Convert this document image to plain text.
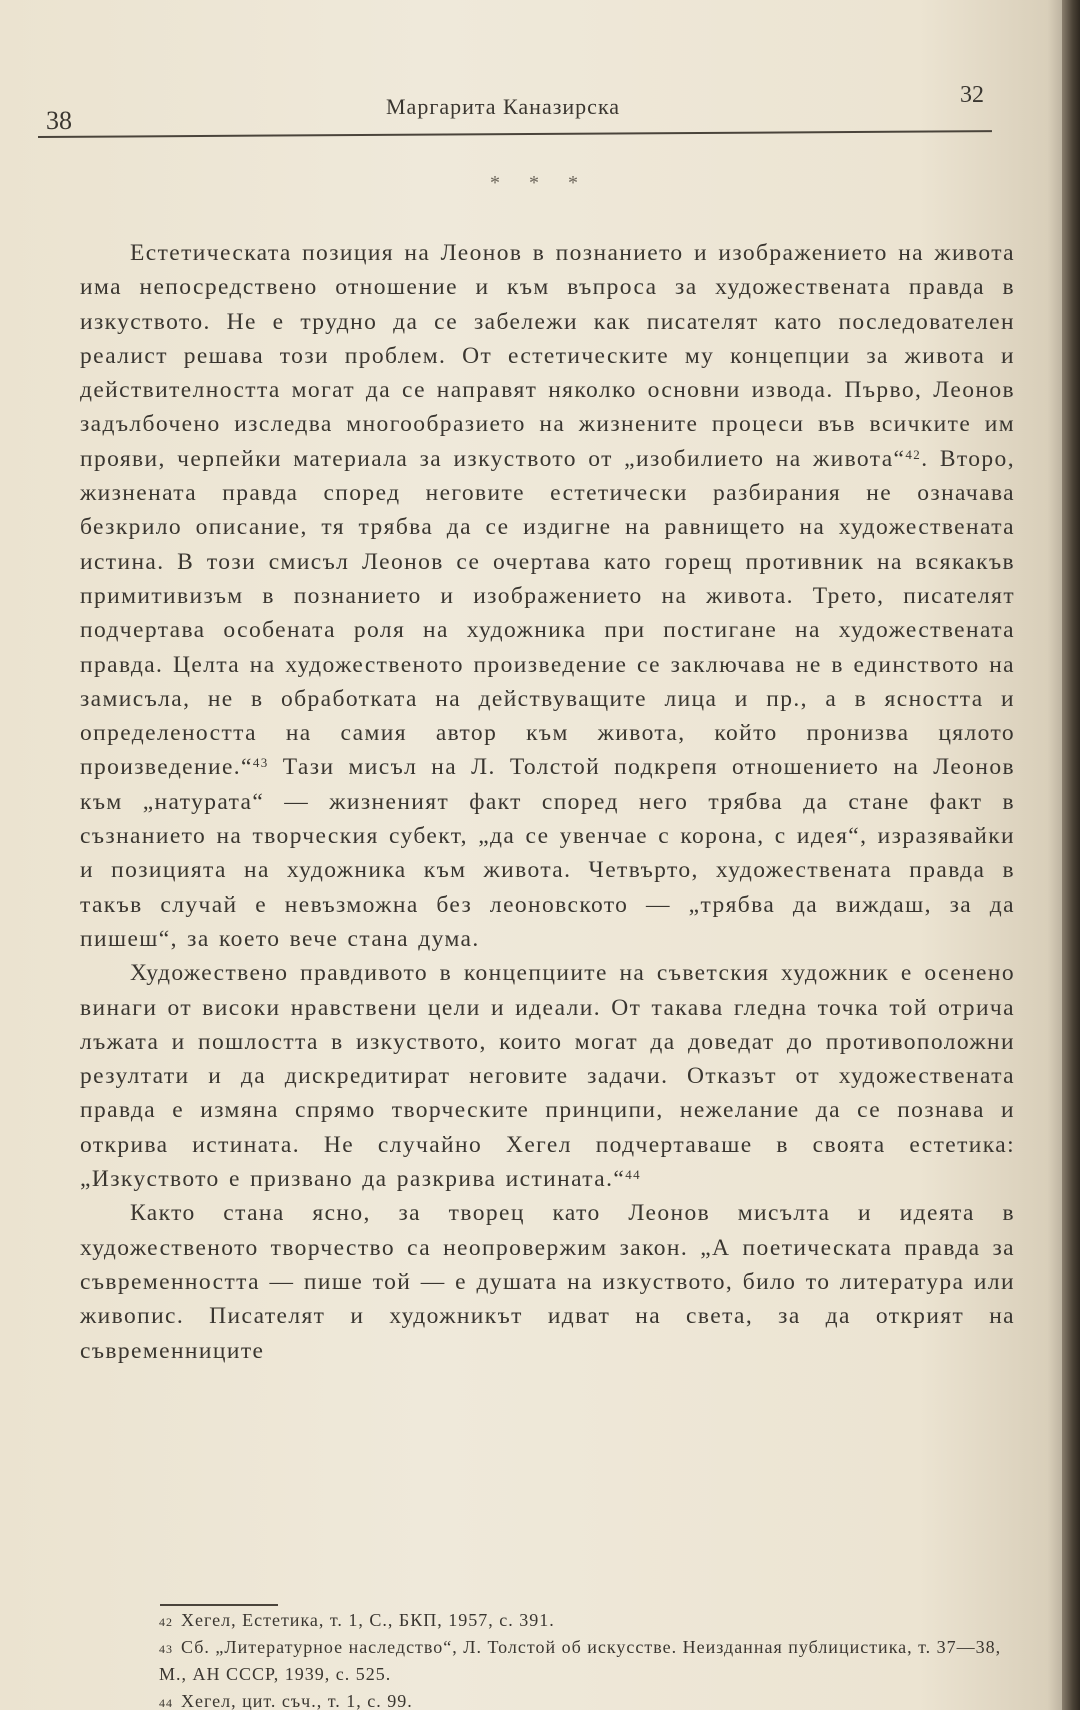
38	Маргарита Каназирска	32
* * *

Естетическата позиция на Леонов в познанието и изображението на живота има непосредствено отношение и към въпроса за художествената правда в изкуството. Не е трудно да се забележи как писателят като последователен реалист решава този проблем. От естетическите му концепции за живота и действителността могат да се направят няколко основни извода. Първо, Леонов задълбочено изследва многообразието на жизнените процеси във всичките им прояви, черпейки материала за изкуството от „изобилието на живота“$^{42}$. Второ, жизнената правда според неговите естетически разбирания не означава безкрило описание, тя трябва да се издигне на равнището на художествената истина. В този смисъл Леонов се очертава като горещ противник на всякакъв примитивизъм в познанието и изображението на живота. Трето, писателят подчертава особената роля на художника при постигане на художествената правда. Целта на художественото произведение се заключава не в единството на замисъла, не в обработката на действуващите лица и пр., а в ясността и определеността на самия автор към живота, който пронизва цялото произведение.“$^{43}$ Тази мисъл на Л. Толстой подкрепя отношението на Леонов към „натурата“ — жизненият факт според него трябва да стане факт в съзнанието на творческия субект, „да се увенчае с корона, с идея“, изразявайки и позицията на художника към живота. Четвърто, художествената правда в такъв случай е невъзможна без леоновското — „трябва да виждаш, за да пишеш“, за което вече стана дума.

Художествено правдивото в концепциите на съветския художник е осенено винаги от високи нравствени цели и идеали. От такава гледна точка той отрича лъжата и пошлостта в изкуството, които могат да доведат до противоположни резултати и да дискредитират неговите задачи. Отказът от художествената правда е измяна спрямо творческите принципи, нежелание да се познава и открива истината. Не случайно Хегел подчертаваше в своята естетика: „Изкуството е призвано да разкрива истината.“$^{44}$

Както стана ясно, за творец като Леонов мисълта и идеята в художественото творчество са неопровержим закон. „А поетическата правда за съвременността — пише той — е душата на изкуството, било то литература или живопис. Писателят и художникът идват на света, за да открият на съвременниците

$^{42}$ Хегел, Естетика, т. 1, С., БКП, 1957, с. 391.
$^{43}$ Сб. „Литературное наследство“, Л. Толстой об искусстве. Неизданная публицистика, т. 37—38, М., АН СССР, 1939, с. 525.
$^{44}$ Хегел, цит. съч., т. 1, с. 99.
